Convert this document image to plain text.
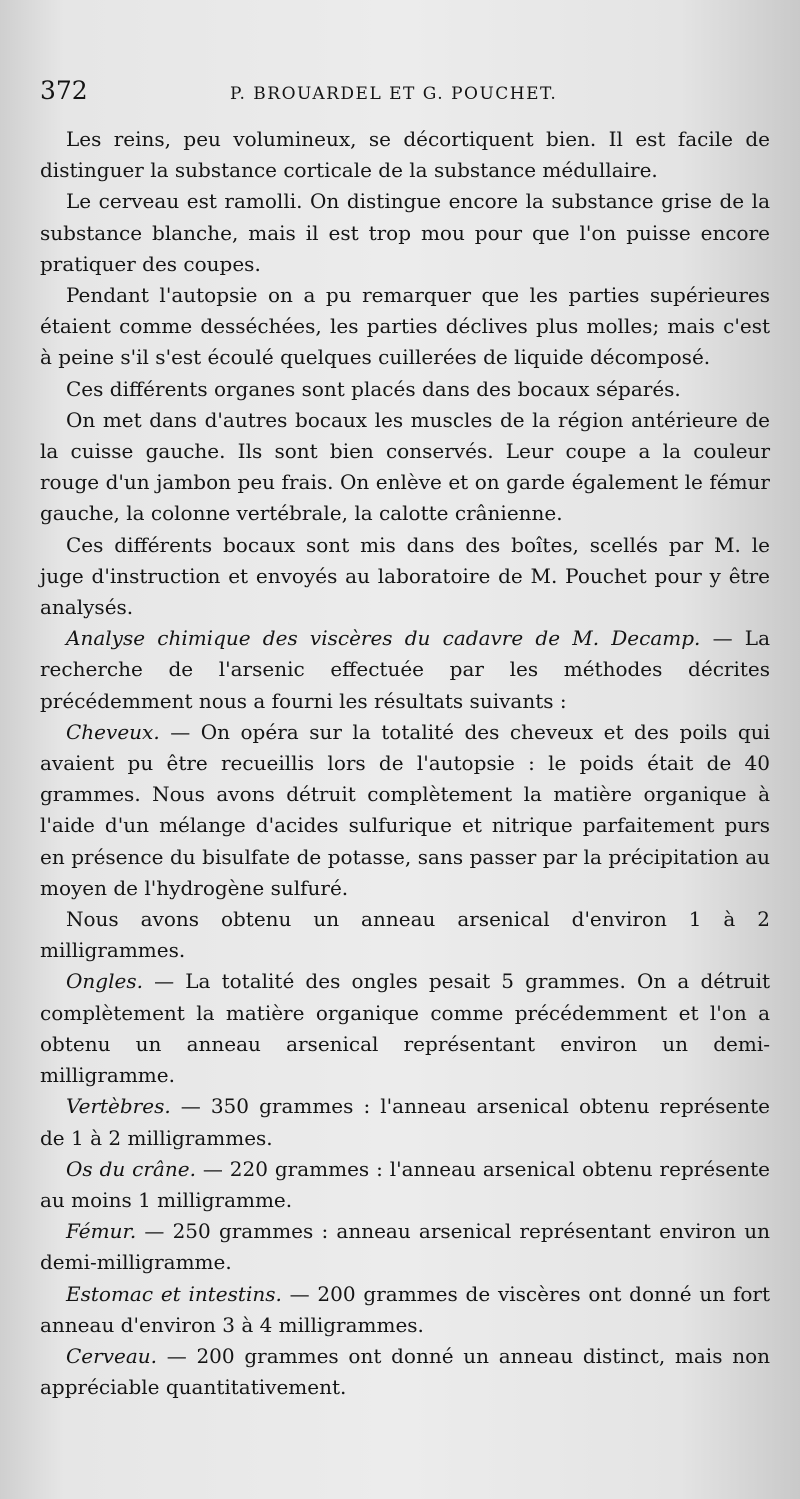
372	P. BROUARDEL ET G. POUCHET.

Les reins, peu volumineux, se décortiquent bien. Il est facile de distinguer la substance corticale de la substance médullaire.

Le cerveau est ramolli. On distingue encore la substance grise de la substance blanche, mais il est trop mou pour que l'on puisse encore pratiquer des coupes.

Pendant l'autopsie on a pu remarquer que les parties supérieures étaient comme desséchées, les parties déclives plus molles; mais c'est à peine s'il s'est écoulé quelques cuillerées de liquide décomposé.

Ces différents organes sont placés dans des bocaux séparés.

On met dans d'autres bocaux les muscles de la région antérieure de la cuisse gauche. Ils sont bien conservés. Leur coupe a la couleur rouge d'un jambon peu frais. On enlève et on garde également le fémur gauche, la colonne vertébrale, la calotte crânienne.

Ces différents bocaux sont mis dans des boîtes, scellés par M. le juge d'instruction et envoyés au laboratoire de M. Pouchet pour y être analysés.

Analyse chimique des viscères du cadavre de M. Decamp. — La recherche de l'arsenic effectuée par les méthodes décrites précédemment nous a fourni les résultats suivants :

Cheveux. — On opéra sur la totalité des cheveux et des poils qui avaient pu être recueillis lors de l'autopsie : le poids était de 40 grammes. Nous avons détruit complètement la matière organique à l'aide d'un mélange d'acides sulfurique et nitrique parfaitement purs en présence du bisulfate de potasse, sans passer par la précipitation au moyen de l'hydrogène sulfuré.

Nous avons obtenu un anneau arsenical d'environ 1 à 2 milligrammes.

Ongles. — La totalité des ongles pesait 5 grammes. On a détruit complètement la matière organique comme précédemment et l'on a obtenu un anneau arsenical représentant environ un demi-milligramme.

Vertèbres. — 350 grammes : l'anneau arsenical obtenu représente de 1 à 2 milligrammes.

Os du crâne. — 220 grammes : l'anneau arsenical obtenu représente au moins 1 milligramme.

Fémur. — 250 grammes : anneau arsenical représentant environ un demi-milligramme.

Estomac et intestins. — 200 grammes de viscères ont donné un fort anneau d'environ 3 à 4 milligrammes.

Cerveau. — 200 grammes ont donné un anneau distinct, mais non appréciable quantitativement.
